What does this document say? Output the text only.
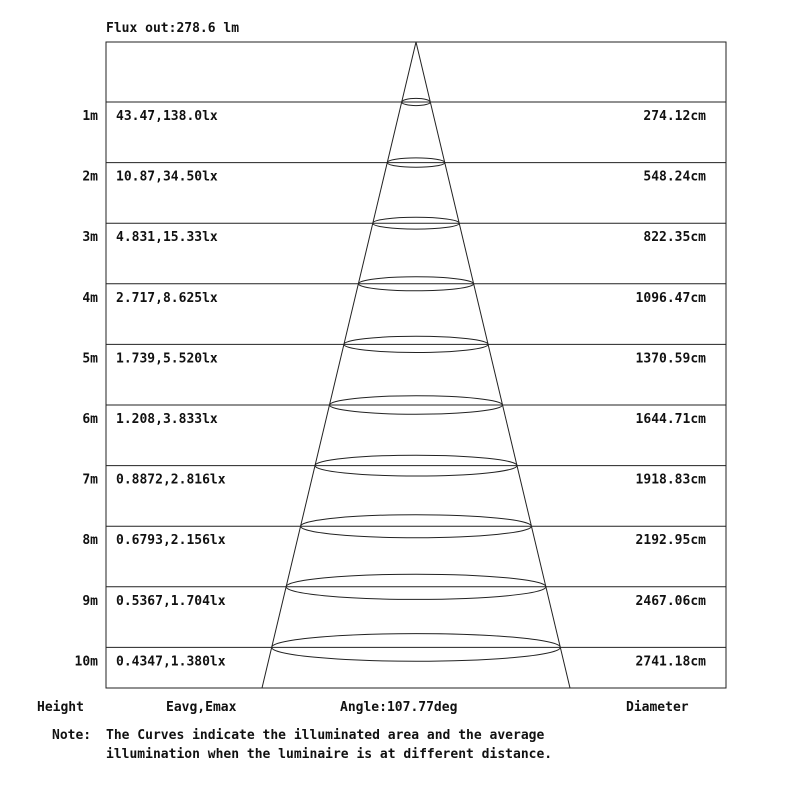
Flux out:278.6 lm
1m 43.47,138.0lx	274.12cm
2m 10.87,34.50lx	548.24cm
3m 4.831,15.33lx	822.35cm
4m 2.717,8.625lx	1096.47cm
5m 1.739,5.520lx	1370.59cm
6m 1.208,3.833lx	1644.71cm
7m 0.8872,2.816lx	1918.83cm
8m 0.6793,2.156lx	2192.95cm
9m 0.5367,1.704lx	2467.06cm
10m 0.4347,1.380lx	2741.18cm
Height	Eavg,Emax	Angle:107.77deg	Diameter
Note: The Curves indicate the illuminated area and the average
illumination when the luminaire is at different distance.
